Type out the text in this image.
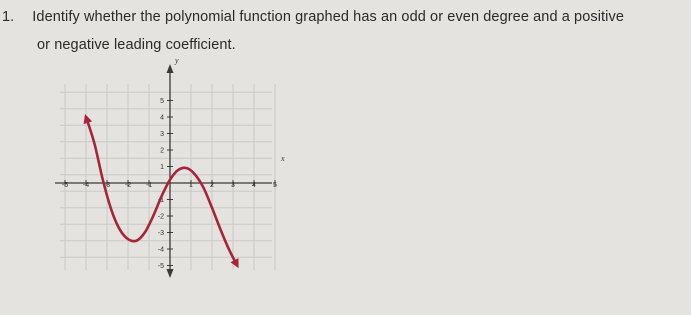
1. Identify whether the polynomial function graphed has an odd or even degree and a positive
or negative leading coefficient.
-5 -4 -3 -2 -1	1 2 3 4 5
5
4
3
2
1
-1
-2
-3
-4
-5
y
x
